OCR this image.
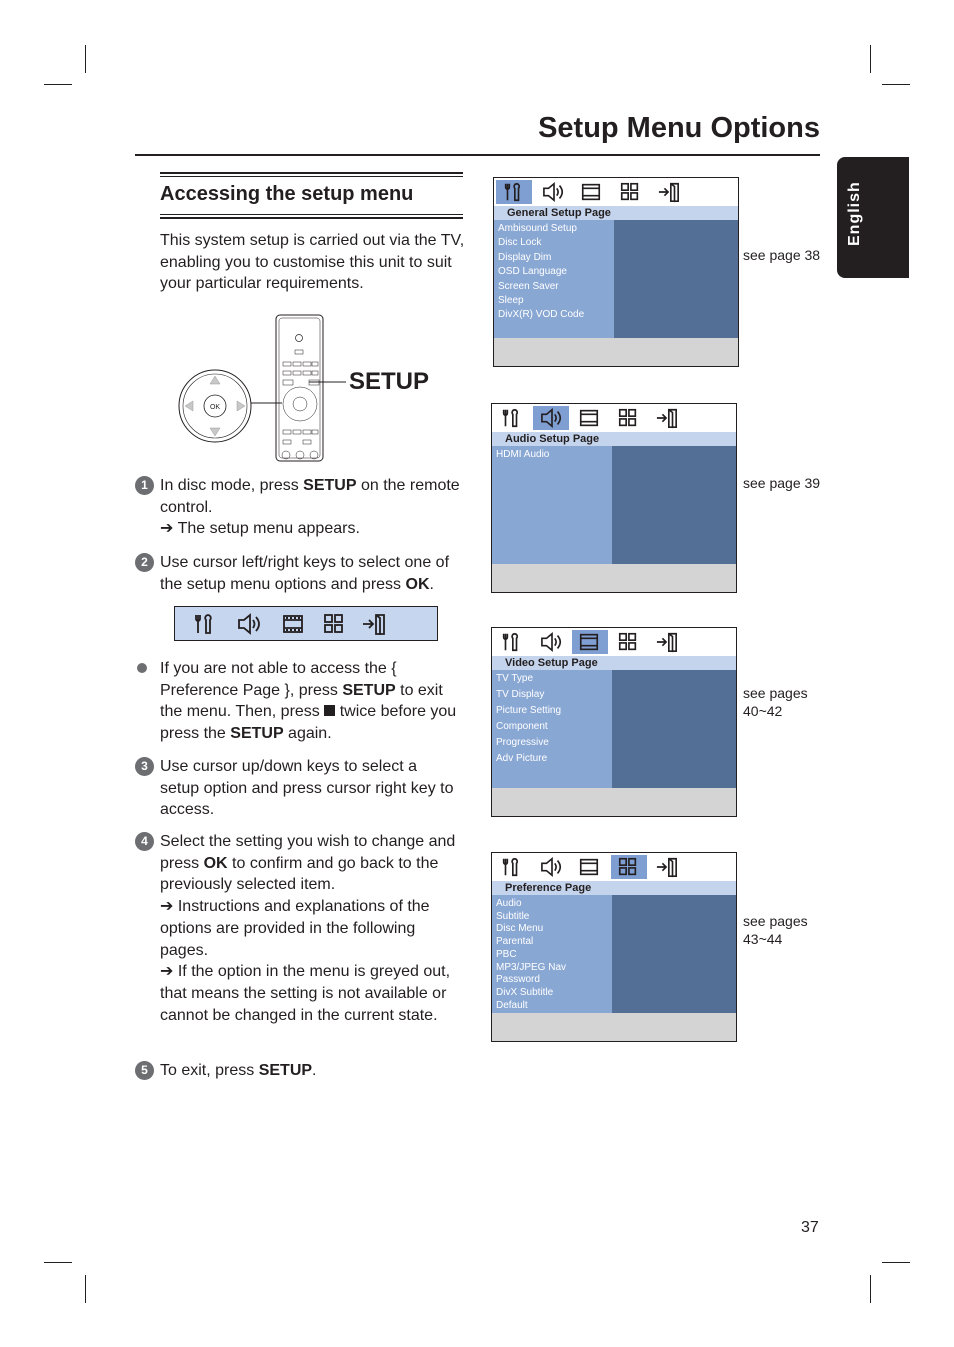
Setup Menu Options
English
Accessing the setup menu
This system setup is carried out via the TV, enabling you to customise this unit to suit your particular requirements.
OK
SETUP
1 In disc mode, press SETUP on the remote control.
➔ The setup menu appears.
2 Use cursor left/right keys to select one of the setup menu options and press OK.
If you are not able to access the { Preference Page }, press SETUP to exit the menu. Then, press  twice before you press the SETUP again.
3 Use cursor up/down keys to select a setup option and press cursor right key to access.
4 Select the setting you wish to change and press OK to confirm and go back to the previously selected item.
➔ Instructions and explanations of the options are provided in the following pages.
➔ If the option in the menu is greyed out, that means the setting is not available or cannot be changed in the current state.
5 To exit, press SETUP.
General Setup Page
Ambisound Setup
Disc Lock
Display Dim
OSD Language
Screen Saver
Sleep
DivX(R) VOD Code
see page 38
Audio Setup Page
HDMI Audio
see page 39
Video Setup Page
TV Type
TV Display
Picture Setting
Component
Progressive
Adv Picture
see pages
40~42
Preference Page
Audio
Subtitle
Disc Menu
Parental
PBC
MP3/JPEG Nav
Password
DivX Subtitle
Default
see pages
43~44
37
